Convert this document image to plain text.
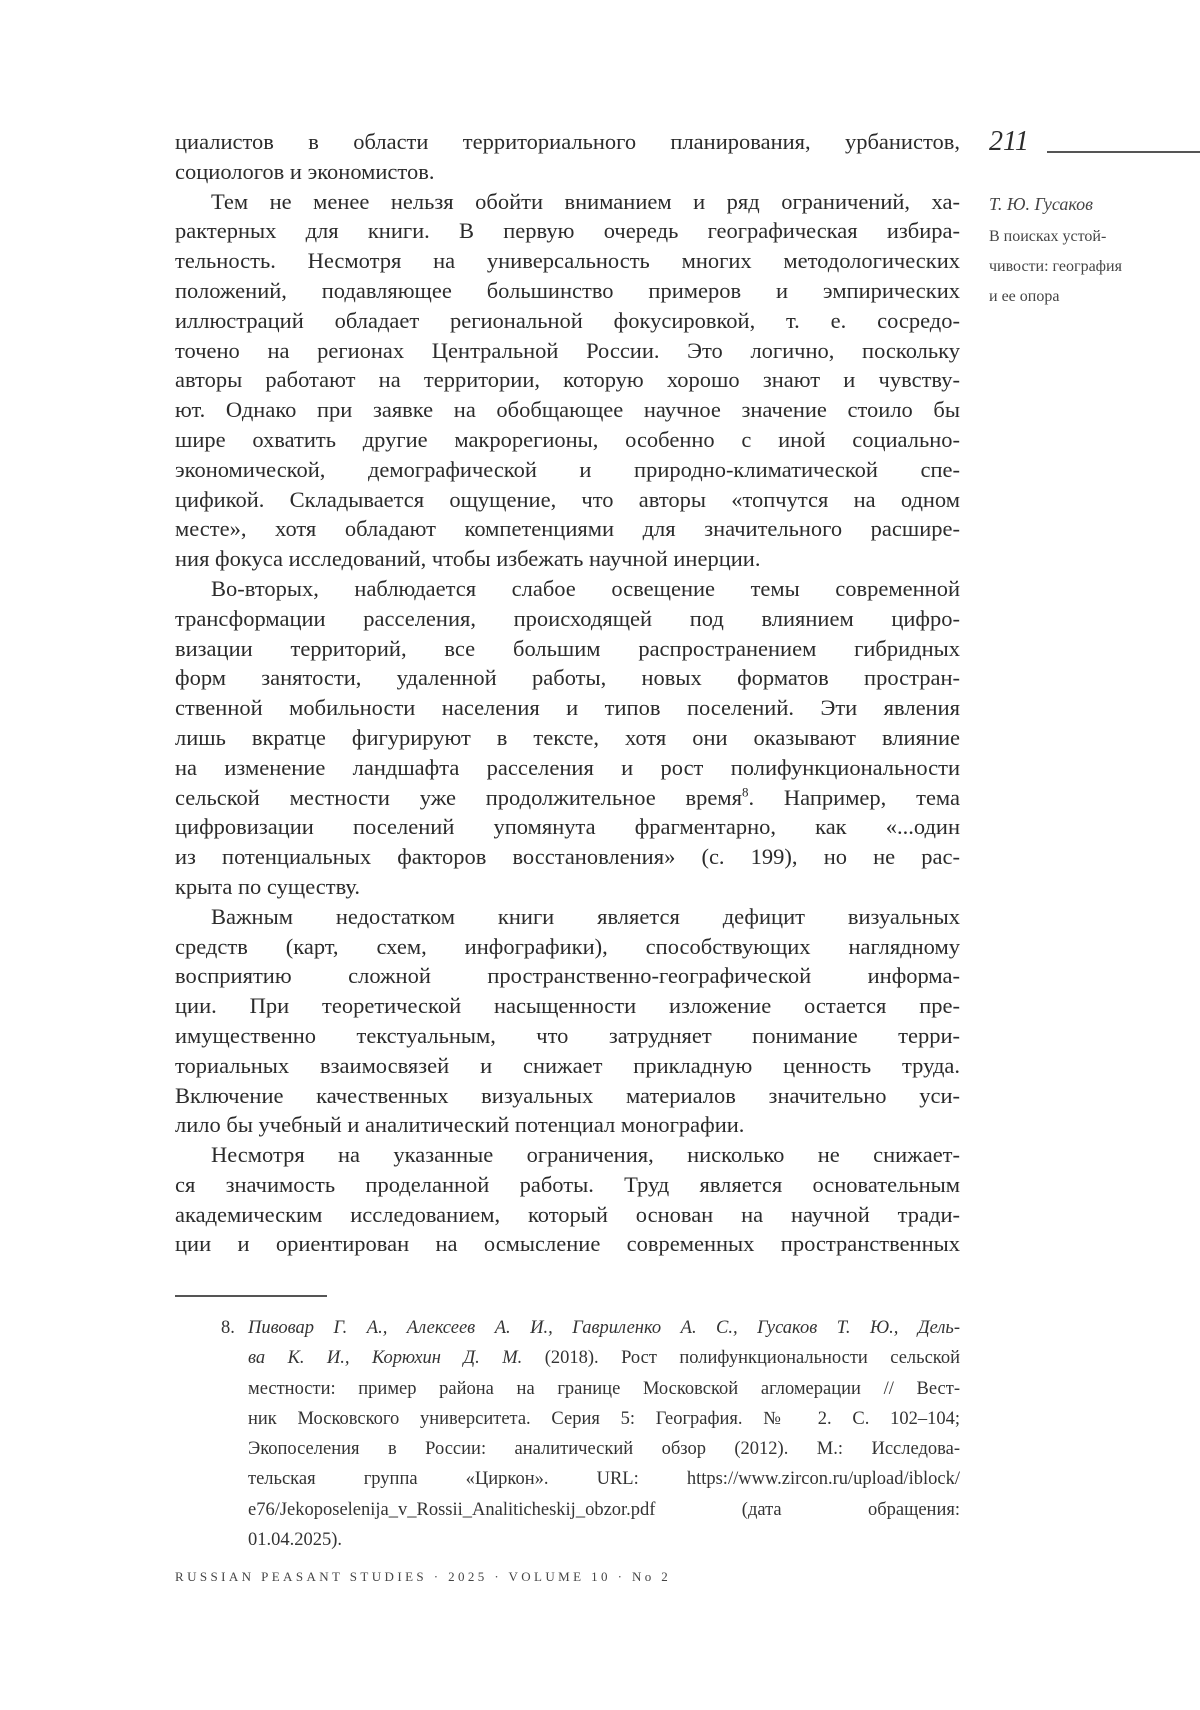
211
Т. Ю. Гусаков
В поисках устой-
чивости: география
и ее опора
циалистов в области территориального планирования, урбанистов,
социологов и экономистов.
Тем не менее нельзя обойти вниманием и ряд ограничений, ха-
рактерных для книги. В первую очередь географическая избира-
тельность. Несмотря на универсальность многих методологических
положений, подавляющее большинство примеров и эмпирических
иллюстраций обладает региональной фокусировкой, т. е. сосредо-
точено на регионах Центральной России. Это логично, поскольку
авторы работают на территории, которую хорошо знают и чувству-
ют. Однако при заявке на обобщающее научное значение стоило бы
шире охватить другие макрорегионы, особенно с иной социально-
экономической, демографической и природно-климатической спе-
цификой. Складывается ощущение, что авторы «топчутся на одном
месте», хотя обладают компетенциями для значительного расшире-
ния фокуса исследований, чтобы избежать научной инерции.
Во-вторых, наблюдается слабое освещение темы современной
трансформации расселения, происходящей под влиянием цифро-
визации территорий, все большим распространением гибридных
форм занятости, удаленной работы, новых форматов простран-
ственной мобильности населения и типов поселений. Эти явления
лишь вкратце фигурируют в тексте, хотя они оказывают влияние
на изменение ландшафта расселения и рост полифункциональности
сельской местности уже продолжительное время$^8$. Например, тема
цифровизации поселений упомянута фрагментарно, как «...один
из потенциальных факторов восстановления» (с. 199), но не рас-
крыта по существу.
Важным недостатком книги является дефицит визуальных
средств (карт, схем, инфографики), способствующих наглядному
восприятию сложной пространственно-географической информа-
ции. При теоретической насыщенности изложение остается пре-
имущественно текстуальным, что затрудняет понимание терри-
ториальных взаимосвязей и снижает прикладную ценность труда.
Включение качественных визуальных материалов значительно уси-
лило бы учебный и аналитический потенциал монографии.
Несмотря на указанные ограничения, нисколько не снижает-
ся значимость проделанной работы. Труд является основательным
академическим исследованием, который основан на научной тради-
ции и ориентирован на осмысление современных пространственных
8. Пивовар Г. А., Алексеев А. И., Гавриленко А. С., Гусаков Т. Ю., Дель-
ва К. И., Корюхин Д. М. (2018). Рост полифункциональности сельской
местности: пример района на границе Московской агломерации // Вест-
ник Московского университета. Серия 5: География. № 2. С. 102–104;
Экопоселения в России: аналитический обзор (2012). М.: Исследова-
тельская группа «Циркон». URL: https://www.zircon.ru/upload/iblock/
e76/Jekoposelenija_v_Rossii_Analiticheskij_obzor.pdf (дата обращения:
01.04.2025).
RUSSIAN PEASANT STUDIES · 2025 · VOLUME 10 · No 2
